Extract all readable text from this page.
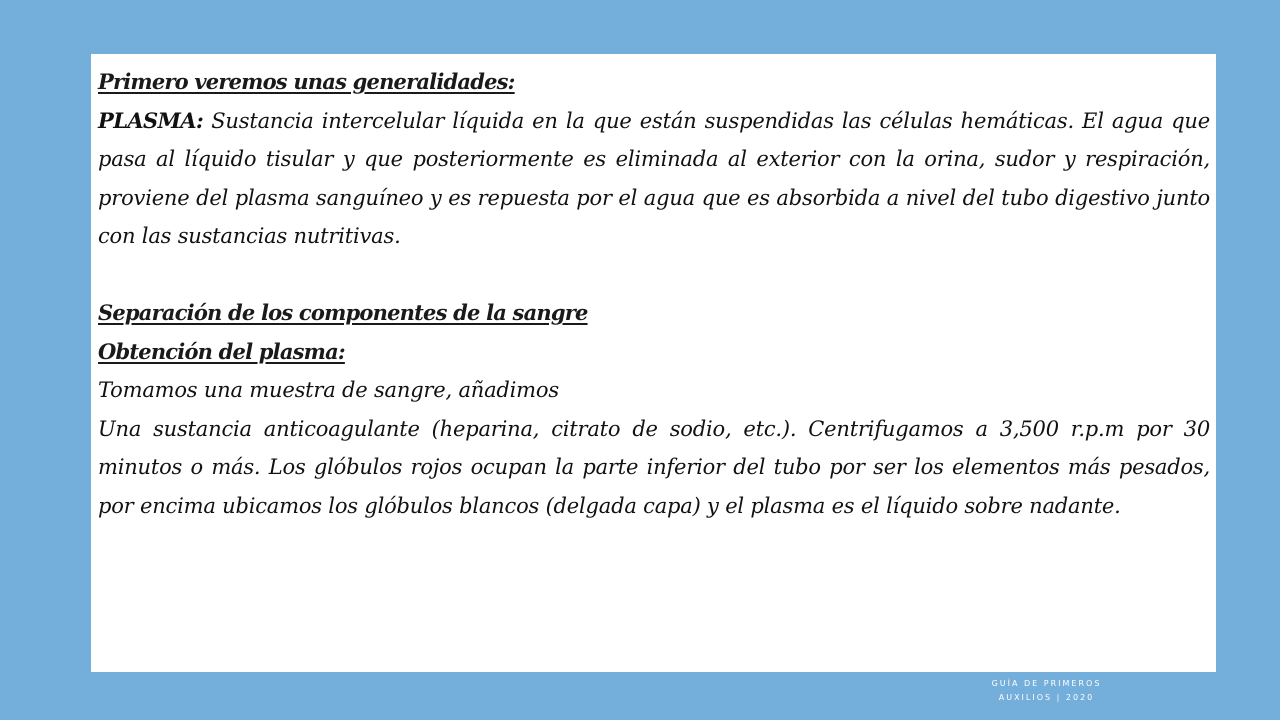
Primero veremos unas generalidades:

PLASMA: Sustancia intercelular líquida en la que están suspendidas las células hemáticas. El agua que pasa al líquido tisular y que posteriormente es eliminada al exterior con la orina, sudor y respiración, proviene del plasma sanguíneo y es repuesta por el agua que es absorbida a nivel del tubo digestivo junto con las sustancias nutritivas.

Separación de los componentes de la sangre

Obtención del plasma:

Tomamos una muestra de sangre, añadimos

Una sustancia anticoagulante (heparina, citrato de sodio, etc.). Centrifugamos a 3,500 r.p.m por 30 minutos o más. Los glóbulos rojos ocupan la parte inferior del tubo por ser los elementos más pesados, por encima ubicamos los glóbulos blancos (delgada capa) y el plasma es el líquido sobre nadante.

GUÍA DE PRIMEROS
AUXILIOS | 2020
